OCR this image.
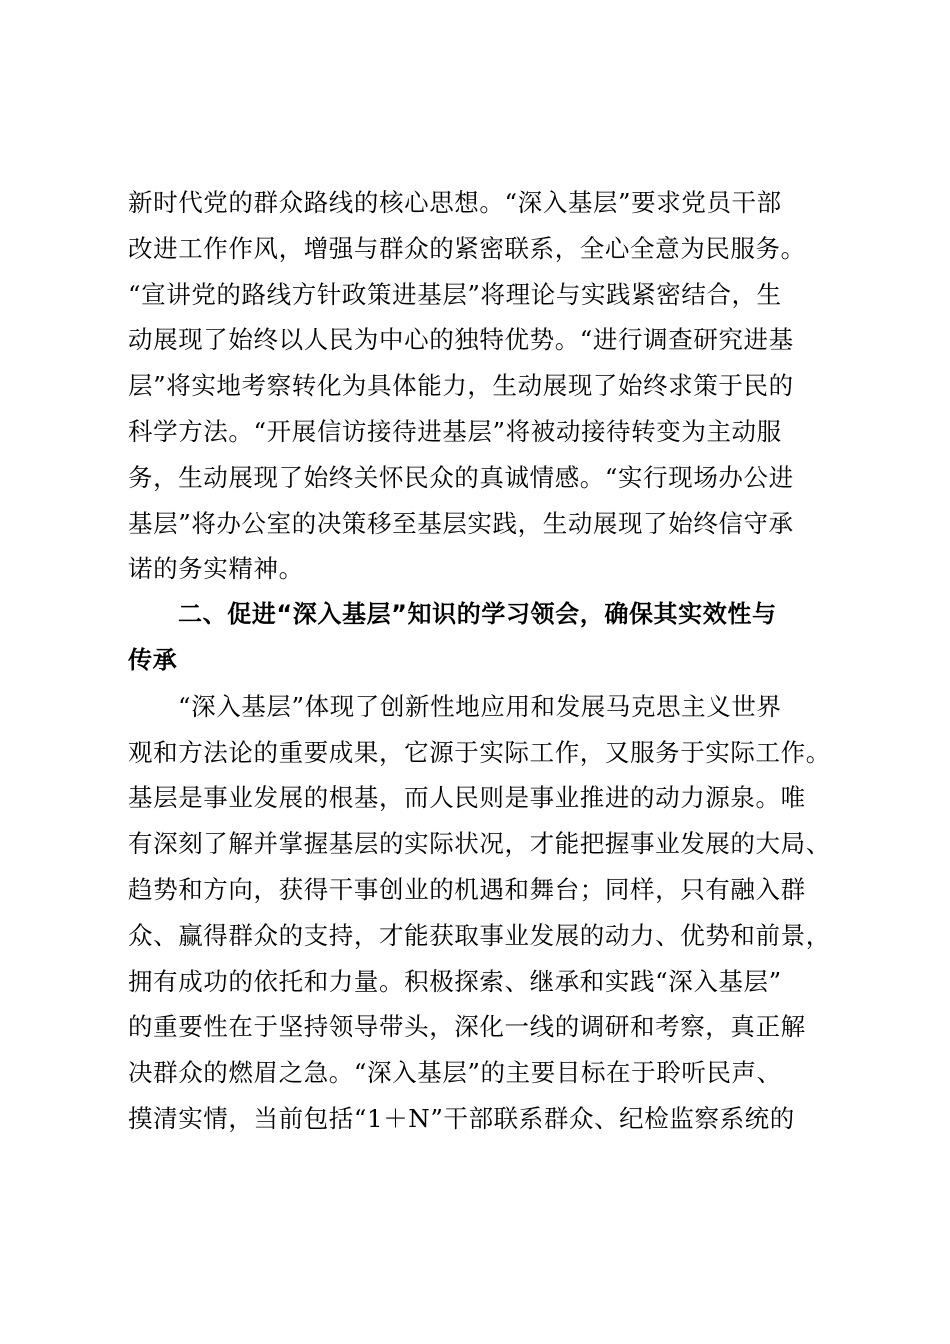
新时代党的群众路线的核心思想。“深入基层”要求党员干部
改进工作作风，增强与群众的紧密联系，全心全意为民服务。
“宣讲党的路线方针政策进基层”将理论与实践紧密结合，生
动展现了始终以人民为中心的独特优势。“进行调查研究进基
层”将实地考察转化为具体能力，生动展现了始终求策于民的
科学方法。“开展信访接待进基层”将被动接待转变为主动服
务，生动展现了始终关怀民众的真诚情感。“实行现场办公进
基层”将办公室的决策移至基层实践，生动展现了始终信守承
诺的务实精神。
二、促进“深入基层”知识的学习领会，确保其实效性与
传承
“深入基层”体现了创新性地应用和发展马克思主义世界
观和方法论的重要成果，它源于实际工作，又服务于实际工作。
基层是事业发展的根基，而人民则是事业推进的动力源泉。唯
有深刻了解并掌握基层的实际状况，才能把握事业发展的大局、
趋势和方向，获得干事创业的机遇和舞台；同样，只有融入群
众、赢得群众的支持，才能获取事业发展的动力、优势和前景，
拥有成功的依托和力量。积极探索、继承和实践“深入基层”
的重要性在于坚持领导带头，深化一线的调研和考察，真正解
决群众的燃眉之急。“深入基层”的主要目标在于聆听民声、
摸清实情，当前包括“1＋N”干部联系群众、纪检监察系统的
